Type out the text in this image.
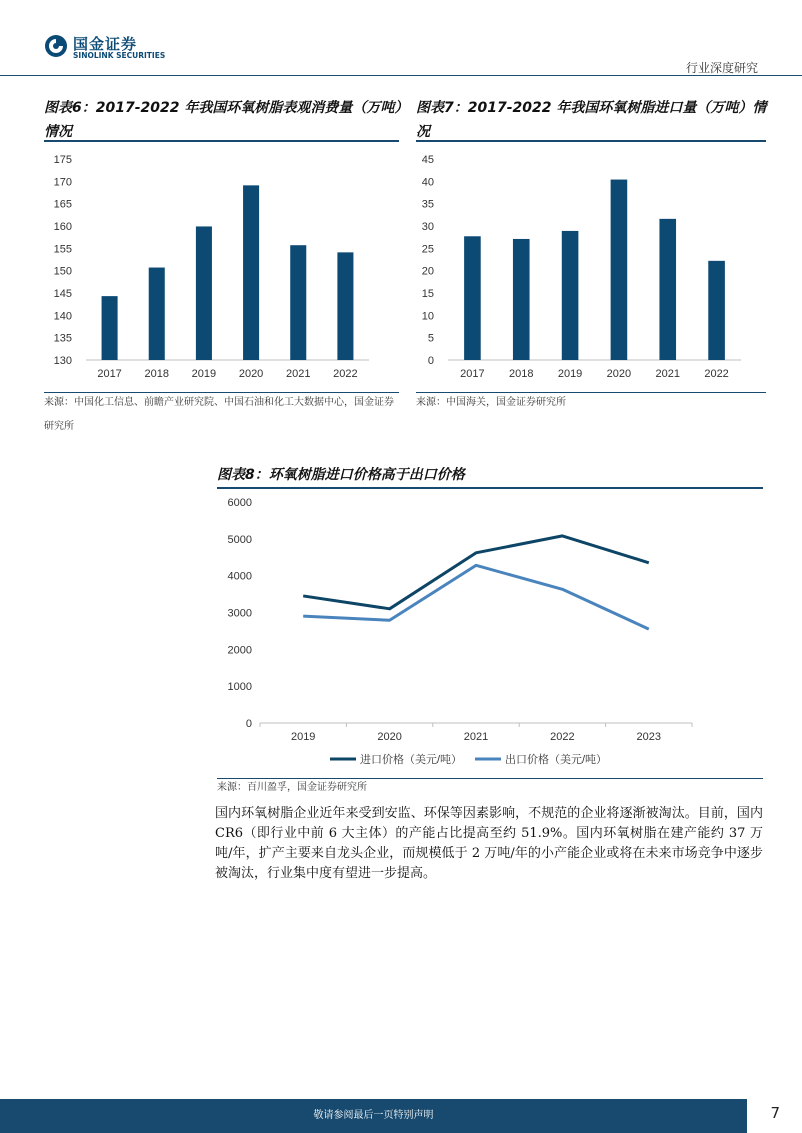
国金证券
SINOLINK SECURITIES
行业深度研究
图表6：2017-2022 年我国环氧树脂表观消费量（万吨）
情况
130
135
140
145
150
155
160
165
170
175
2017 2018 2019 2020 2021 2022
来源：中国化工信息、前瞻产业研究院、中国石油和化工大数据中心，国金证券
研究所
图表7：2017-2022 年我国环氧树脂进口量（万吨）情况
0
5
10
15
20
25
30
35
40
45
2017 2018 2019 2020 2021 2022
来源：中国海关，国金证券研究所
图表8：环氧树脂进口价格高于出口价格
0
1000
2000
3000
4000
5000
6000
2019	2020	2021	2022	2023
进口价格（美元/吨）	出口价格（美元/吨）
来源：百川盈孚，国金证券研究所
国内环氧树脂企业近年来受到安监、环保等因素影响，不规范的企业将逐渐被淘汰。目前，国内 CR6（即行业中前 6 大主体）的产能占比提高至约 51.9%。国内环氧树脂在建产能约 37 万吨/年，扩产主要来自龙头企业，而规模低于 2 万吨/年的小产能企业或将在未来市场竞争中逐步被淘汰，行业集中度有望进一步提高。
敬请参阅最后一页特别声明	7
